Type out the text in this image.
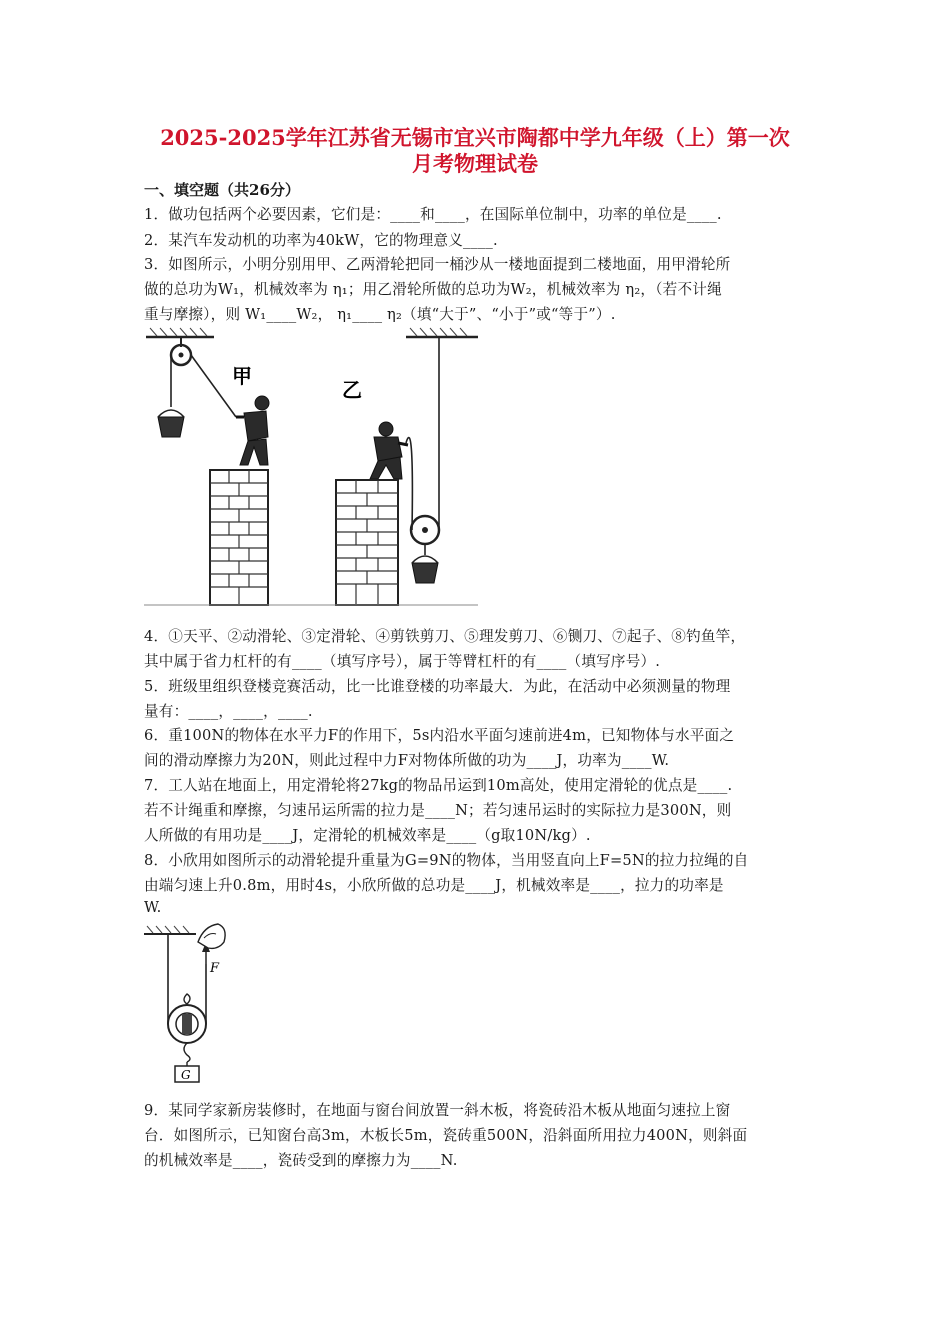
2025-2025学年江苏省无锡市宜兴市陶都中学九年级（上）第一次
月考物理试卷
一、填空题（共26分）
1．做功包括两个必要因素，它们是：____和____，在国际单位制中，功率的单位是____.
2．某汽车发动机的功率为40kW，它的物理意义____.
3．如图所示，小明分别用甲、乙两滑轮把同一桶沙从一楼地面提到二楼地面，用甲滑轮所
做的总功为W₁，机械效率为 η₁；用乙滑轮所做的总功为W₂，机械效率为 η₂，（若不计绳
重与摩擦），则 W₁____W₂， η₁____ η₂（填“大于”、“小于”或“等于”）.
甲
乙
4．①天平、②动滑轮、③定滑轮、④剪铁剪刀、⑤理发剪刀、⑥铡刀、⑦起子、⑧钓鱼竿，
其中属于省力杠杆的有____（填写序号），属于等臂杠杆的有____（填写序号）.
5．班级里组织登楼竞赛活动，比一比谁登楼的功率最大．为此，在活动中必须测量的物理
量有：____，____，____.
6．重100N的物体在水平力F的作用下，5s内沿水平面匀速前进4m，已知物体与水平面之
间的滑动摩擦力为20N，则此过程中力F对物体所做的功为____J，功率为____W.
7．工人站在地面上，用定滑轮将27kg的物品吊运到10m高处，使用定滑轮的优点是____.
若不计绳重和摩擦，匀速吊运所需的拉力是____N；若匀速吊运时的实际拉力是300N，则
人所做的有用功是____J，定滑轮的机械效率是____（g取10N/kg）.
8．小欣用如图所示的动滑轮提升重量为G=9N的物体，当用竖直向上F=5N的拉力拉绳的自
由端匀速上升0.8m，用时4s，小欣所做的总功是____J，机械效率是____，拉力的功率是
W.
G
F
9．某同学家新房装修时，在地面与窗台间放置一斜木板，将瓷砖沿木板从地面匀速拉上窗
台．如图所示，已知窗台高3m，木板长5m，瓷砖重500N，沿斜面所用拉力400N，则斜面
的机械效率是____，瓷砖受到的摩擦力为____N.
